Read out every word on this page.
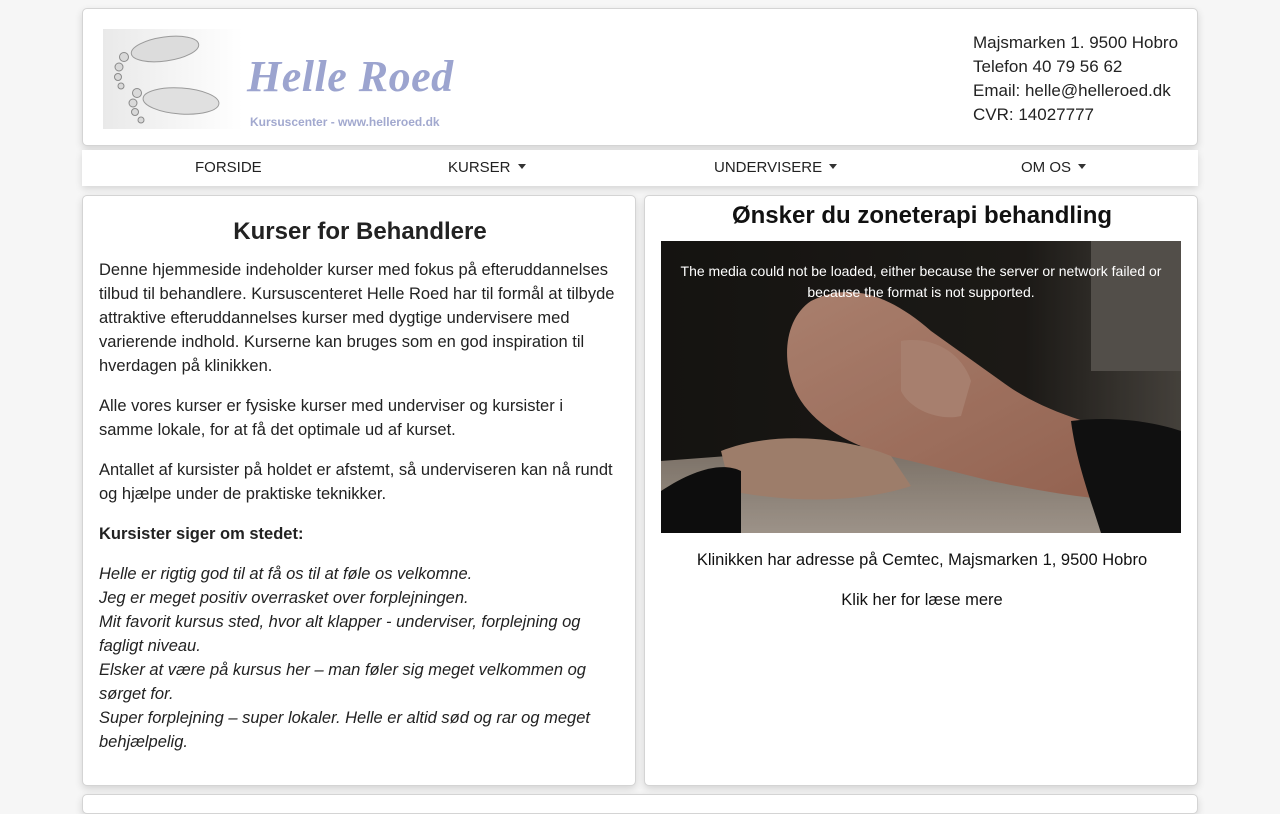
Helle Roed
Kursuscenter - www.helleroed.dk
Majsmarken 1. 9500 Hobro
Telefon 40 79 56 62
Email: helle@helleroed.dk
CVR: 14027777
FORSIDE	KURSER	UNDERVISERE	OM OS
Kurser for Behandlere

Denne hjemmeside indeholder kurser med fokus på efteruddannelses tilbud til behandlere. Kursuscenteret Helle Roed har til formål at tilbyde attraktive efteruddannelses kurser med dygtige undervisere med varierende indhold. Kurserne kan bruges som en god inspiration til hverdagen på klinikken.

Alle vores kurser er fysiske kurser med underviser og kursister i samme lokale, for at få det optimale ud af kurset.

Antallet af kursister på holdet er afstemt, så underviseren kan nå rundt og hjælpe under de praktiske teknikker.

Kursister siger om stedet:

Helle er rigtig god til at få os til at føle os velkomne.
Jeg er meget positiv overrasket over forplejningen.
Mit favorit kursus sted, hvor alt klapper - underviser, forplejning og fagligt niveau.
Elsker at være på kursus her – man føler sig meget velkommen og sørget for.
Super forplejning – super lokaler. Helle er altid sød og rar og meget behjælpelig.
Ønsker du zoneterapi behandling
The media could not be loaded, either because the server or network failed or because the format is not supported.
Klinikken har adresse på Cemtec, Majsmarken 1, 9500 Hobro
Klik her for læse mere
